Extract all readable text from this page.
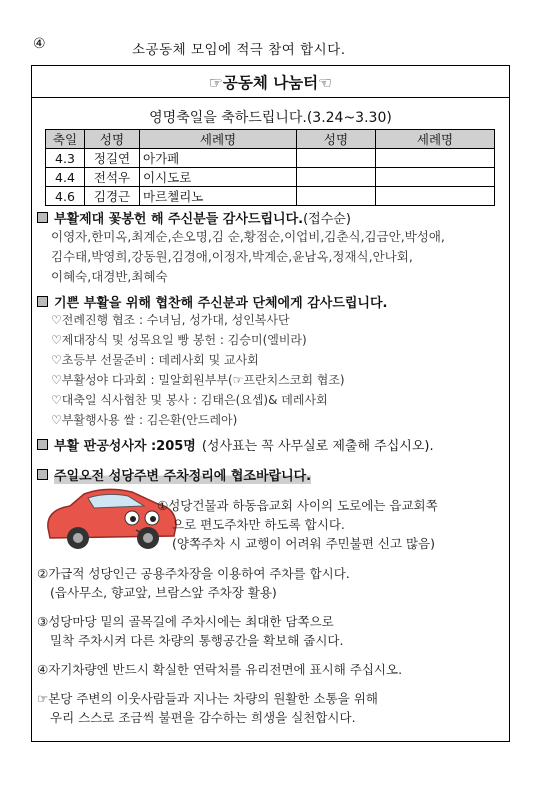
④	소공동체 모임에 적극 참여 합시다.
☞공동체 나눔터☜
영명축일을 축하드립니다.(3.24~3.30)
축일	성명	세례명	성명	세례명
4.3	정길연	아가페		
4.4	전석우	이시도로		
4.6	김경근	마르첼리노		
부활제대 꽃봉헌 해 주신분들 감사드립니다. (접수순)
이영자,한미옥,최계순,손오명,김 순,황점순,이업비,김춘식,김금안,박성애,
김수태,박영희,강동원,김경애,이정자,박계순,윤남옥,정재식,안나회,
이혜숙,대경반,최혜숙
기쁜 부활을 위해 협찬해 주신분과 단체에게 감사드립니다.
♡전례진행 협조 : 수녀님, 성가대, 성인복사단
♡제대장식 및 성목요일 빵 봉헌 : 김승미(엘비라)
♡초등부 선물준비 : 데레사회 및 교사회
♡부활성야 다과회 : 밀알회원부부(☞프란치스코회 협조)
♡대축일 식사협찬 및 봉사 : 김태은(요셉)& 데레사회
♡부활행사용 쌀 : 김은환(안드레아)
부활 판공성사자 :205명 (성사표는 꼭 사무실로 제출해 주십시오).
주일오전 성당주변 주차정리에 협조바랍니다.
①성당건물과 하동읍교회 사이의 도로에는 읍교회쪽
으로 편도주차만 하도록 합시다.
(양쪽주차 시 교행이 어려워 주민불편 신고 많음)
②가급적 성당인근 공용주차장을 이용하여 주차를 합시다.
(읍사무소, 향교앞, 브람스앞 주차장 활용)
③성당마당 밑의 골목길에 주차시에는 최대한 담쪽으로
밀착 주차시켜 다른 차량의 통행공간을 확보해 줍시다.
④자기차량엔 반드시 확실한 연락처를 유리전면에 표시해 주십시오.
☞본당 주변의 이웃사람들과 지나는 차량의 원활한 소통을 위해
우리 스스로 조금씩 불편을 감수하는 희생을 실천합시다.
